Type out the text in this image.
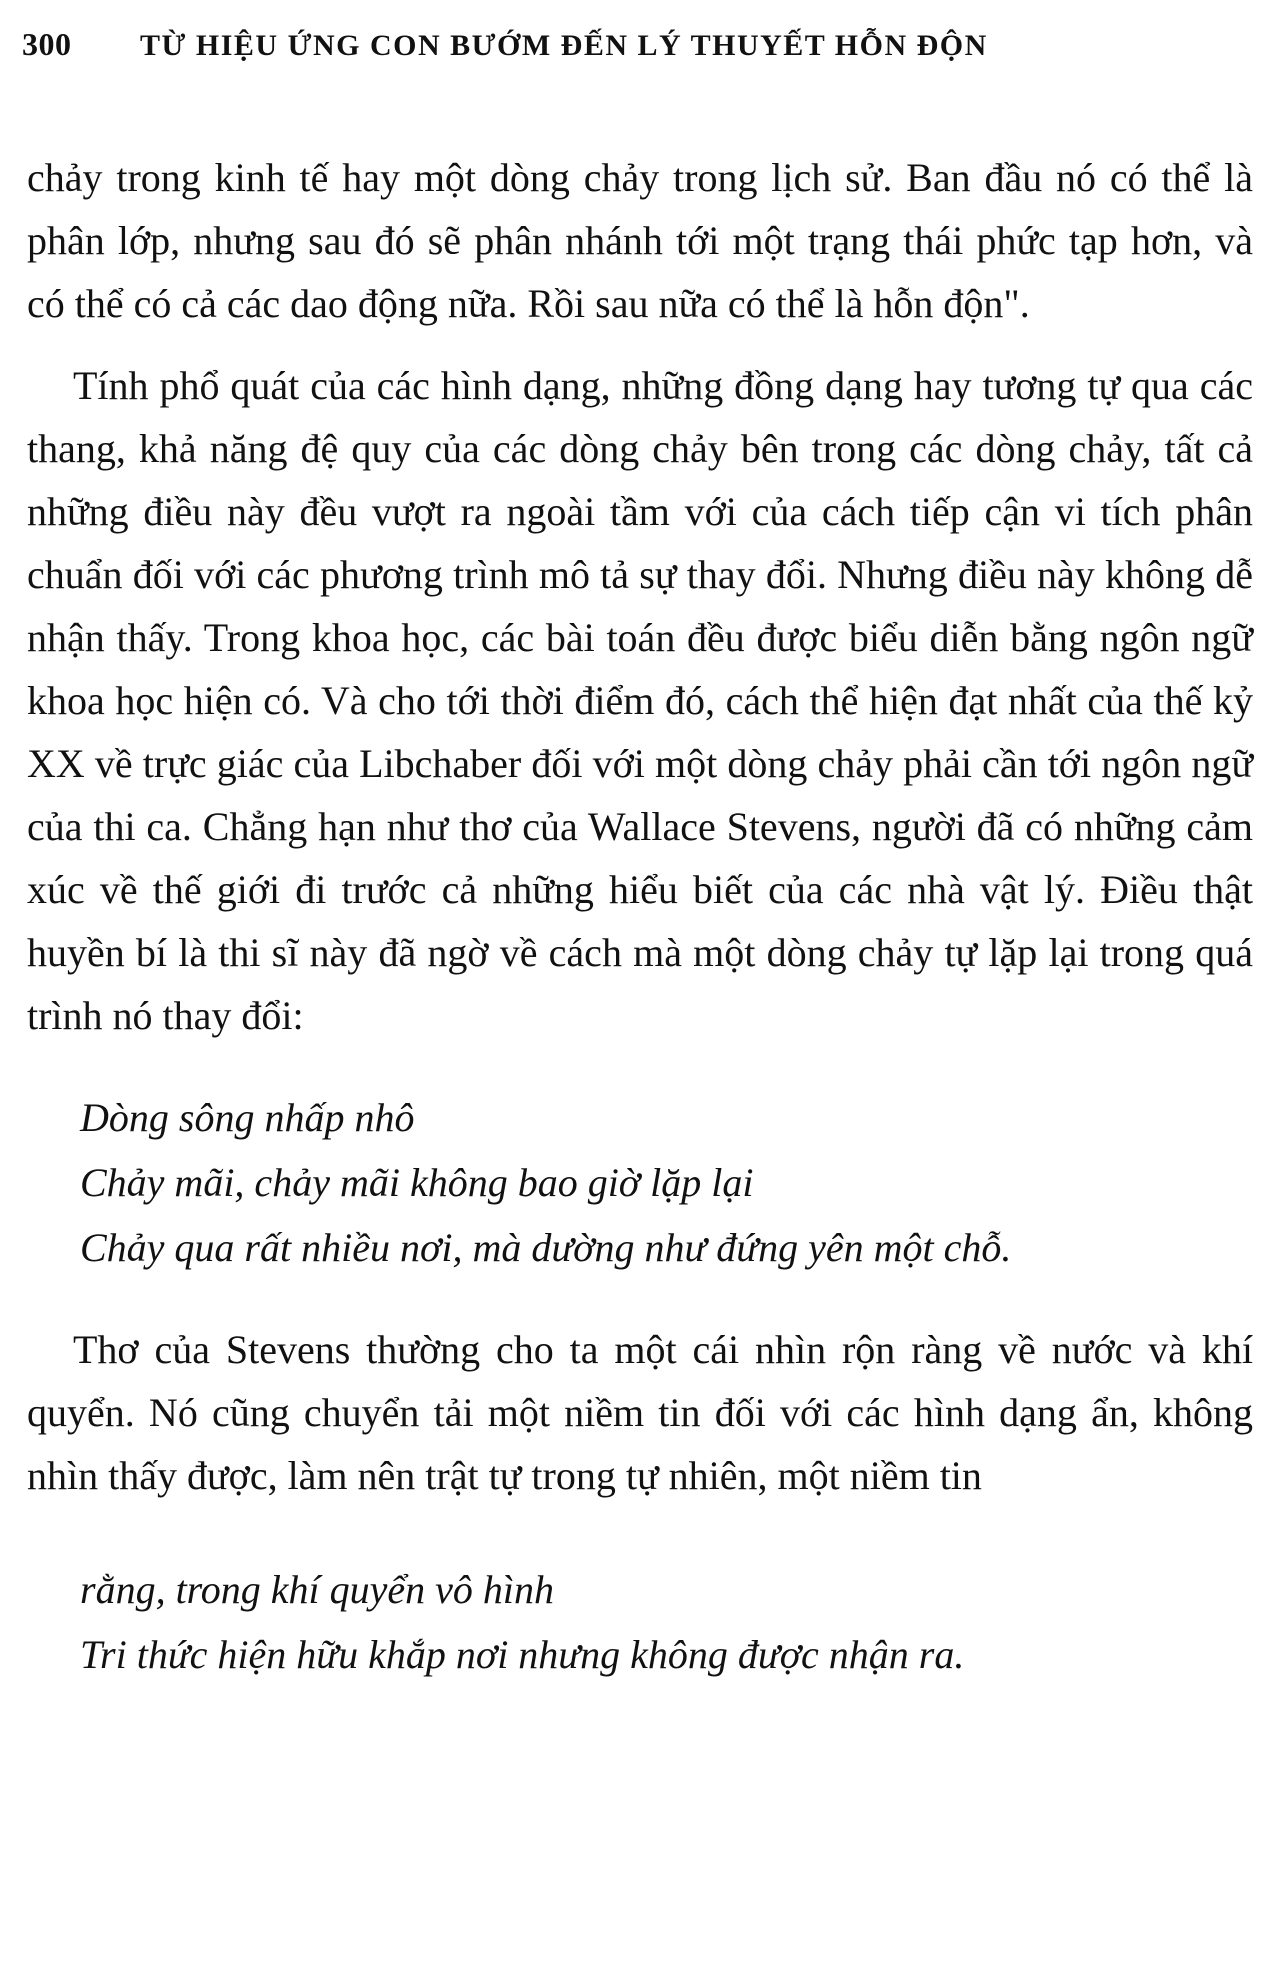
300	TỪ HIỆU ỨNG CON BƯỚM ĐẾN LÝ THUYẾT HỖN ĐỘN

chảy trong kinh tế hay một dòng chảy trong lịch sử. Ban đầu nó có thể là phân lớp, nhưng sau đó sẽ phân nhánh tới một trạng thái phức tạp hơn, và có thể có cả các dao động nữa. Rồi sau nữa có thể là hỗn độn".

Tính phổ quát của các hình dạng, những đồng dạng hay tương tự qua các thang, khả năng đệ quy của các dòng chảy bên trong các dòng chảy, tất cả những điều này đều vượt ra ngoài tầm với của cách tiếp cận vi tích phân chuẩn đối với các phương trình mô tả sự thay đổi. Nhưng điều này không dễ nhận thấy. Trong khoa học, các bài toán đều được biểu diễn bằng ngôn ngữ khoa học hiện có. Và cho tới thời điểm đó, cách thể hiện đạt nhất của thế kỷ XX về trực giác của Libchaber đối với một dòng chảy phải cần tới ngôn ngữ của thi ca. Chẳng hạn như thơ của Wallace Stevens, người đã có những cảm xúc về thế giới đi trước cả những hiểu biết của các nhà vật lý. Điều thật huyền bí là thi sĩ này đã ngờ về cách mà một dòng chảy tự lặp lại trong quá trình nó thay đổi:

Dòng sông nhấp nhô
Chảy mãi, chảy mãi không bao giờ lặp lại
Chảy qua rất nhiều nơi, mà dường như đứng yên một chỗ.

Thơ của Stevens thường cho ta một cái nhìn rộn ràng về nước và khí quyển. Nó cũng chuyển tải một niềm tin đối với các hình dạng ẩn, không nhìn thấy được, làm nên trật tự trong tự nhiên, một niềm tin

rằng, trong khí quyển vô hình
Tri thức hiện hữu khắp nơi nhưng không được nhận ra.
